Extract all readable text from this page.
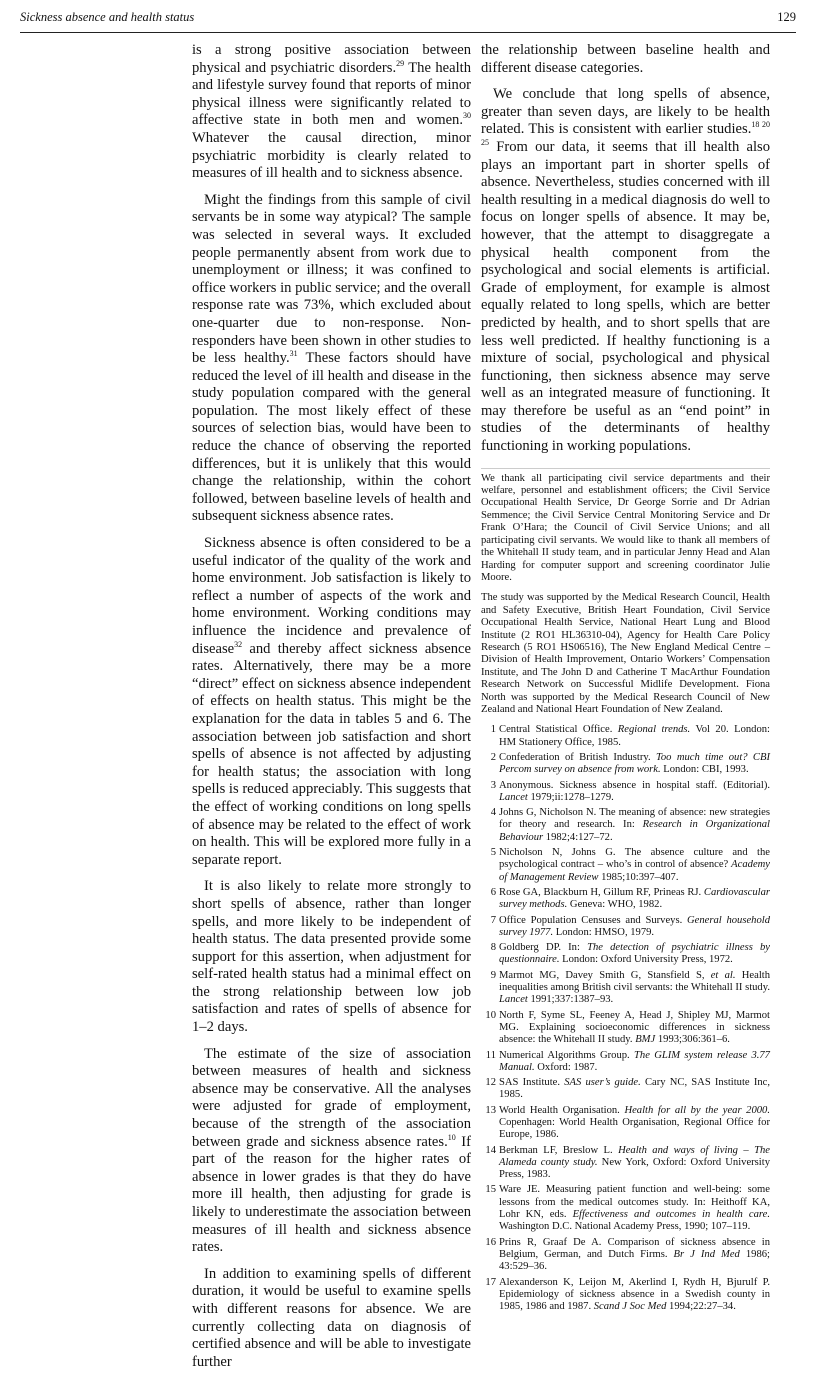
Sickness absence and health status	129

is a strong positive association between physical and psychiatric disorders.$^{29}$ The health and lifestyle survey found that reports of minor physical illness were significantly related to affective state in both men and women.$^{30}$ Whatever the causal direction, minor psychiatric morbidity is clearly related to measures of ill health and to sickness absence.

Might the findings from this sample of civil servants be in some way atypical? The sample was selected in several ways. It excluded people permanently absent from work due to unemployment or illness; it was confined to office workers in public service; and the overall response rate was 73%, which excluded about one-quarter due to non-response. Non-responders have been shown in other studies to be less healthy.$^{31}$ These factors should have reduced the level of ill health and disease in the study population compared with the general population. The most likely effect of these sources of selection bias, would have been to reduce the chance of observing the reported differences, but it is unlikely that this would change the relationship, within the cohort followed, between baseline levels of health and subsequent sickness absence rates.

Sickness absence is often considered to be a useful indicator of the quality of the work and home environment. Job satisfaction is likely to reflect a number of aspects of the work and home environment. Working conditions may influence the incidence and prevalence of disease$^{32}$ and thereby affect sickness absence rates. Alternatively, there may be a more “direct” effect on sickness absence independent of effects on health status. This might be the explanation for the data in tables 5 and 6. The association between job satisfaction and short spells of absence is not affected by adjusting for health status; the association with long spells is reduced appreciably. This suggests that the effect of working conditions on long spells of absence may be related to the effect of work on health. This will be explored more fully in a separate report.

It is also likely to relate more strongly to short spells of absence, rather than longer spells, and more likely to be independent of health status. The data presented provide some support for this assertion, when adjustment for self-rated health status had a minimal effect on the strong relationship between low job satisfaction and rates of spells of absence for 1–2 days.

The estimate of the size of association between measures of health and sickness absence may be conservative. All the analyses were adjusted for grade of employment, because of the strength of the association between grade and sickness absence rates.$^{10}$ If part of the reason for the higher rates of absence in lower grades is that they do have more ill health, then adjusting for grade is likely to underestimate the association between measures of ill health and sickness absence rates.

In addition to examining spells of different duration, it would be useful to examine spells with different reasons for absence. We are currently collecting data on diagnosis of certified absence and will be able to investigate further

the relationship between baseline health and different disease categories.

We conclude that long spells of absence, greater than seven days, are likely to be health related. This is consistent with earlier studies.$^{18 20 25}$ From our data, it seems that ill health also plays an important part in shorter spells of absence. Nevertheless, studies concerned with ill health resulting in a medical diagnosis do well to focus on longer spells of absence. It may be, however, that the attempt to disaggregate a physical health component from the psychological and social elements is artificial. Grade of employment, for example is almost equally related to long spells, which are better predicted by health, and to short spells that are less well predicted. If healthy functioning is a mixture of social, psychological and physical functioning, then sickness absence may serve well as an integrated measure of functioning. It may therefore be useful as an “end point” in studies of the determinants of healthy functioning in working populations.

We thank all participating civil service departments and their welfare, personnel and establishment officers; the Civil Service Occupational Health Service, Dr George Sorrie and Dr Adrian Semmence; the Civil Service Central Monitoring Service and Dr Frank O’Hara; the Council of Civil Service Unions; and all participating civil servants. We would like to thank all members of the Whitehall II study team, and in particular Jenny Head and Alan Harding for computer support and screening coordinator Julie Moore.

The study was supported by the Medical Research Council, Health and Safety Executive, British Heart Foundation, Civil Service Occupational Health Service, National Heart Lung and Blood Institute (2 RO1 HL36310-04), Agency for Health Care Policy Research (5 RO1 HS06516), The New England Medical Centre – Division of Health Improvement, Ontario Workers’ Compensation Institute, and The John D and Catherine T MacArthur Foundation Research Network on Successful Midlife Development. Fiona North was supported by the Medical Research Council of New Zealand and National Heart Foundation of New Zealand.

1 Central Statistical Office. Regional trends. Vol 20. London: HM Stationery Office, 1985.
2 Confederation of British Industry. Too much time out? CBI Percom survey on absence from work. London: CBI, 1993.
3 Anonymous. Sickness absence in hospital staff. (Editorial). Lancet 1979;ii:1278–1279.
4 Johns G, Nicholson N. The meaning of absence: new strategies for theory and research. In: Research in Organizational Behaviour 1982;4:127–72.
5 Nicholson N, Johns G. The absence culture and the psychological contract – who’s in control of absence? Academy of Management Review 1985;10:397–407.
6 Rose GA, Blackburn H, Gillum RF, Prineas RJ. Cardiovascular survey methods. Geneva: WHO, 1982.
7 Office Population Censuses and Surveys. General household survey 1977. London: HMSO, 1979.
8 Goldberg DP. In: The detection of psychiatric illness by questionnaire. London: Oxford University Press, 1972.
9 Marmot MG, Davey Smith G, Stansfield S, et al. Health inequalities among British civil servants: the Whitehall II study. Lancet 1991;337:1387–93.
10 North F, Syme SL, Feeney A, Head J, Shipley MJ, Marmot MG. Explaining socioeconomic differences in sickness absence: the Whitehall II study. BMJ 1993;306:361–6.
11 Numerical Algorithms Group. The GLIM system release 3.77 Manual. Oxford: 1987.
12 SAS Institute. SAS user’s guide. Cary NC, SAS Institute Inc, 1985.
13 World Health Organisation. Health for all by the year 2000. Copenhagen: World Health Organisation, Regional Office for Europe, 1986.
14 Berkman LF, Breslow L. Health and ways of living – The Alameda county study. New York, Oxford: Oxford University Press, 1983.
15 Ware JE. Measuring patient function and well-being: some lessons from the medical outcomes study. In: Heithoff KA, Lohr KN, eds. Effectiveness and outcomes in health care. Washington D.C. National Academy Press, 1990; 107–119.
16 Prins R, Graaf De A. Comparison of sickness absence in Belgium, German, and Dutch Firms. Br J Ind Med 1986; 43:529–36.
17 Alexanderson K, Leijon M, Akerlind I, Rydh H, Bjurulf P. Epidemiology of sickness absence in a Swedish county in 1985, 1986 and 1987. Scand J Soc Med 1994;22:27–34.
